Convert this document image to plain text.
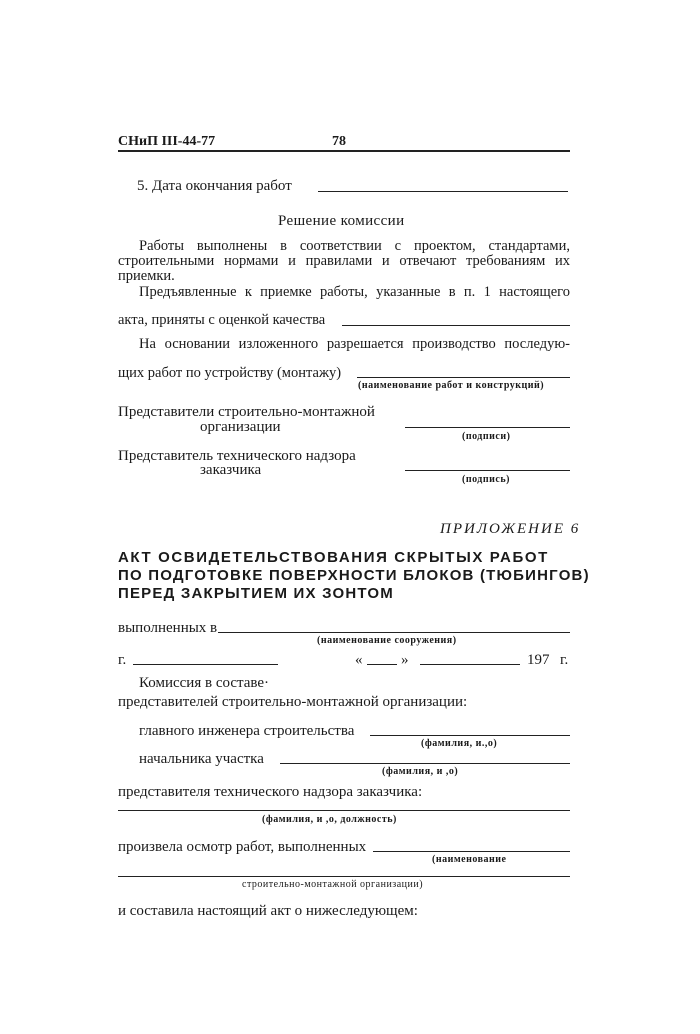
СНиП III-44-77	78
5. Дата окончания работ
Решение комиссии
Работы выполнены в соответствии с проектом, стандартами,
строительными нормами и правилами и отвечают требованиям их
приемки.
Предъявленные к приемке работы, указанные в п. 1 настоящего
акта, приняты с оценкой качества
На основании изложенного разрешается производство последую-
щих работ по устройству (монтажу)
(наименование работ и конструкций)
Представители строительно-монтажной
организации
(подписи)
Представитель технического надзора
заказчика
(подпись)
ПРИЛОЖЕНИЕ 6
АКТ ОСВИДЕТЕЛЬСТВОВАНИЯ СКРЫТЫХ РАБОТ
ПО ПОДГОТОВКЕ ПОВЕРХНОСТИ БЛОКОВ (ТЮБИНГОВ)
ПЕРЕД ЗАКРЫТИЕМ ИХ ЗОНТОМ
выполненных в
(наименование сооружения)
г.	«	»	197 г.
Комиссия в составе·
представителей строительно-монтажной организации:
главного инженера строительства
(фамилия, и.,о)
начальника участка
(фамилия, и ,о)
представителя технического надзора заказчика:
(фамилия, и ,о, должность)
произвела осмотр работ, выполненных
(наименование
строительно-монтажной организации)
и составила настоящий акт о нижеследующем:
